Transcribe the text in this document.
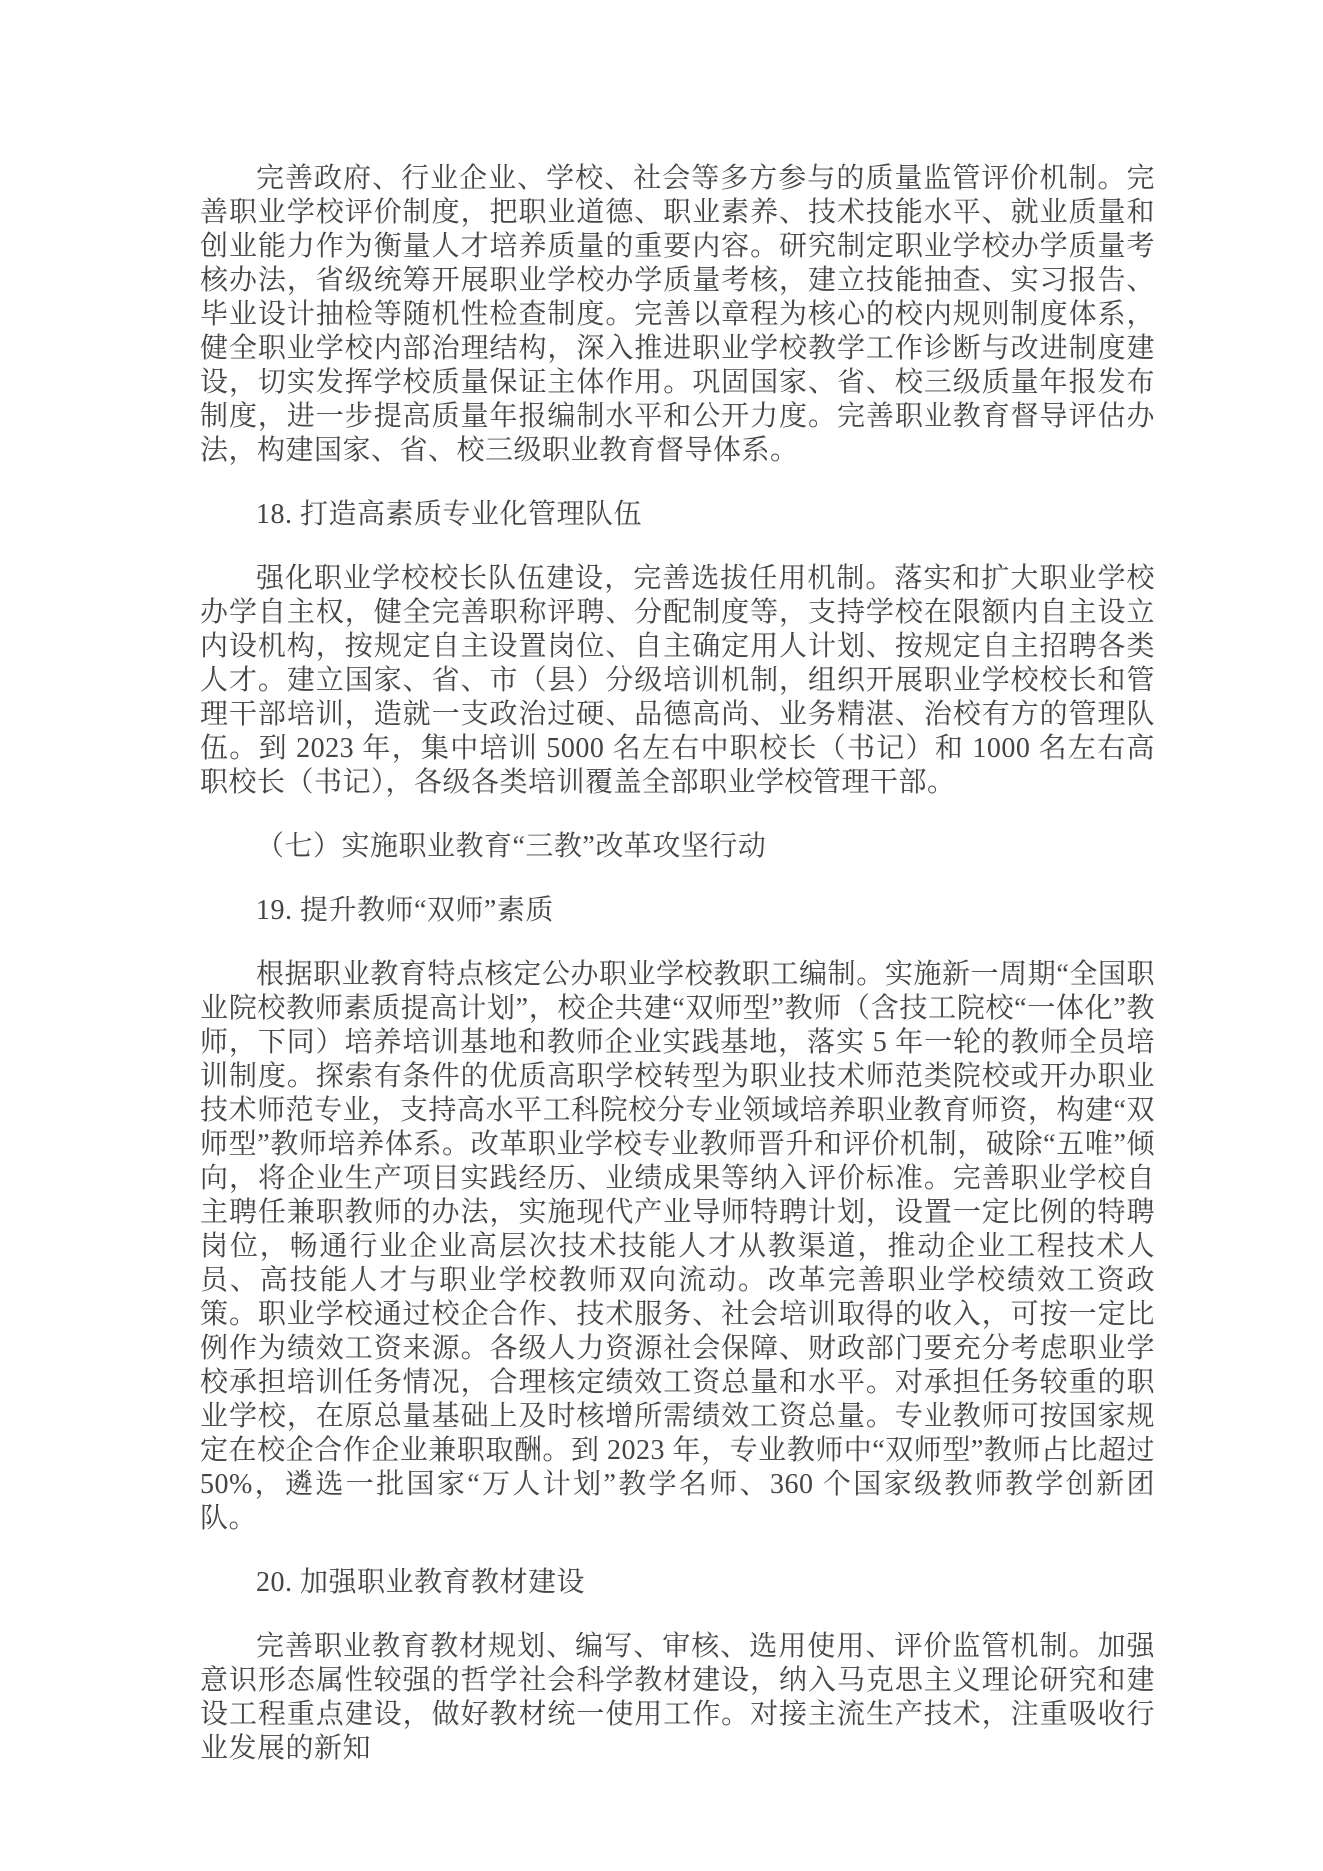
完善政府、行业企业、学校、社会等多方参与的质量监管评价机制。完善职业学校评价制度，把职业道德、职业素养、技术技能水平、就业质量和创业能力作为衡量人才培养质量的重要内容。研究制定职业学校办学质量考核办法，省级统筹开展职业学校办学质量考核，建立技能抽查、实习报告、毕业设计抽检等随机性检查制度。完善以章程为核心的校内规则制度体系，健全职业学校内部治理结构，深入推进职业学校教学工作诊断与改进制度建设，切实发挥学校质量保证主体作用。巩固国家、省、校三级质量年报发布制度，进一步提高质量年报编制水平和公开力度。完善职业教育督导评估办法，构建国家、省、校三级职业教育督导体系。

18. 打造高素质专业化管理队伍

强化职业学校校长队伍建设，完善选拔任用机制。落实和扩大职业学校办学自主权，健全完善职称评聘、分配制度等，支持学校在限额内自主设立内设机构，按规定自主设置岗位、自主确定用人计划、按规定自主招聘各类人才。建立国家、省、市（县）分级培训机制，组织开展职业学校校长和管理干部培训，造就一支政治过硬、品德高尚、业务精湛、治校有方的管理队伍。到 2023 年，集中培训 5000 名左右中职校长（书记）和 1000 名左右高职校长（书记），各级各类培训覆盖全部职业学校管理干部。

（七）实施职业教育“三教”改革攻坚行动

19. 提升教师“双师”素质

根据职业教育特点核定公办职业学校教职工编制。实施新一周期“全国职业院校教师素质提高计划”，校企共建“双师型”教师（含技工院校“一体化”教师，下同）培养培训基地和教师企业实践基地，落实 5 年一轮的教师全员培训制度。探索有条件的优质高职学校转型为职业技术师范类院校或开办职业技术师范专业，支持高水平工科院校分专业领域培养职业教育师资，构建“双师型”教师培养体系。改革职业学校专业教师晋升和评价机制，破除“五唯”倾向，将企业生产项目实践经历、业绩成果等纳入评价标准。完善职业学校自主聘任兼职教师的办法，实施现代产业导师特聘计划，设置一定比例的特聘岗位，畅通行业企业高层次技术技能人才从教渠道，推动企业工程技术人员、高技能人才与职业学校教师双向流动。改革完善职业学校绩效工资政策。职业学校通过校企合作、技术服务、社会培训取得的收入，可按一定比例作为绩效工资来源。各级人力资源社会保障、财政部门要充分考虑职业学校承担培训任务情况，合理核定绩效工资总量和水平。对承担任务较重的职业学校，在原总量基础上及时核增所需绩效工资总量。专业教师可按国家规定在校企合作企业兼职取酬。到 2023 年，专业教师中“双师型”教师占比超过 50%，遴选一批国家“万人计划”教学名师、360 个国家级教师教学创新团队。

20. 加强职业教育教材建设

完善职业教育教材规划、编写、审核、选用使用、评价监管机制。加强意识形态属性较强的哲学社会科学教材建设，纳入马克思主义理论研究和建设工程重点建设，做好教材统一使用工作。对接主流生产技术，注重吸收行业发展的新知
